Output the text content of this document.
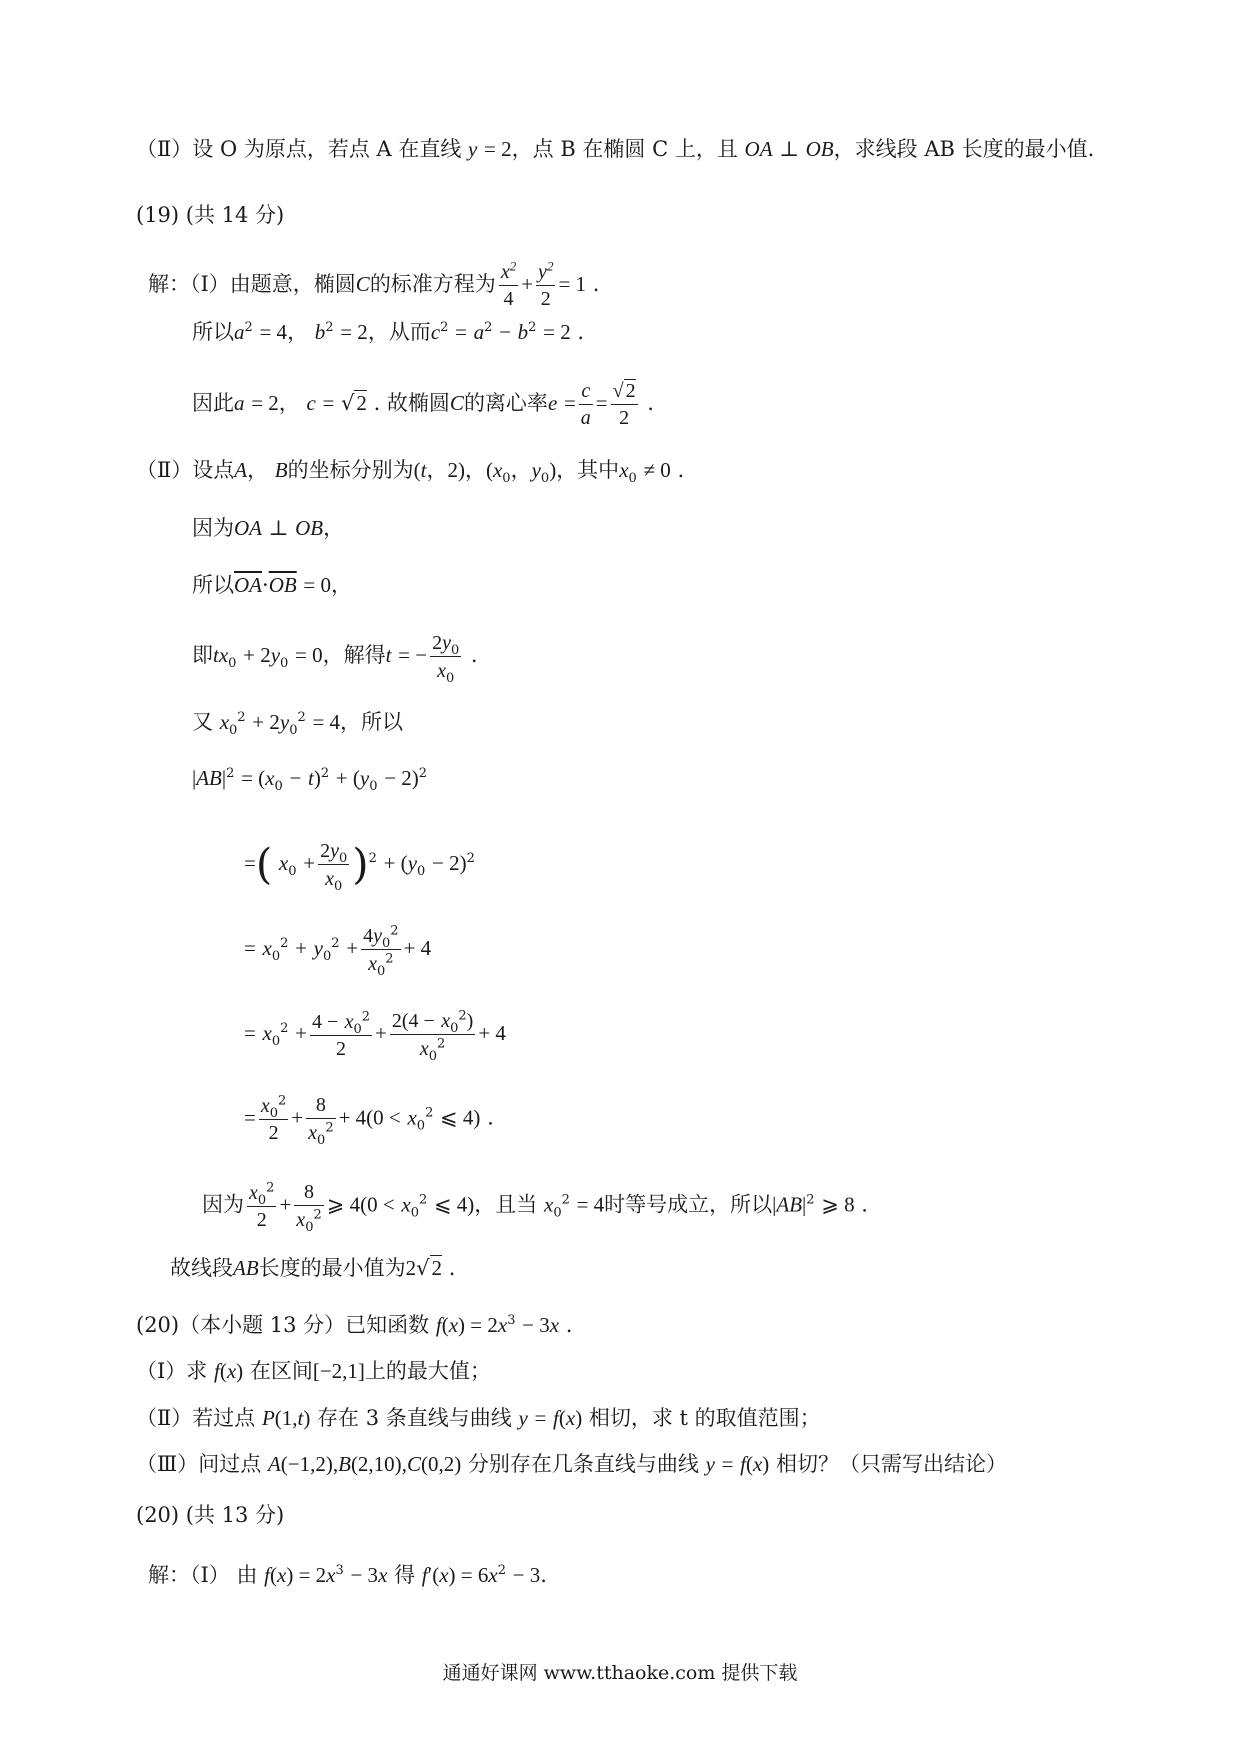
（Ⅱ）设 O 为原点，若点 A 在直线 y = 2，点 B 在椭圆 C 上，且 OA ⊥ OB，求线段 AB 长度的最小值.
(19) (共 14 分)
解：（Ⅰ）由题意，椭圆C的标准方程为 $\frac{x^2}{4} + \frac{y^2}{2} = 1$ .
所以$a^2 = 4$， $b^2 = 2$，从而$c^2 = a^2 - b^2 = 2$ .
因此a = 2， c = √2 . 故椭圆C的离心率$e = \frac{c}{a} = \frac{√ 2}{2}$ .
（Ⅱ）设点A， B的坐标分别为(t，2)，($x_0$，$y_0$)，其中$x_0 \ne 0$ .
因为OA ⊥ OB，
所以$\overline{OA}\cdot\overline{OB} = 0$，
即$tx_0 + 2y_0 = 0$，解得t = − $\frac{2y_0}{x_0}$ .
又 $x_0^2 + 2y_0^2 = 4$，所以
$|AB|^2 = (x_0 - t)^2 + (y_0 - 2)^2$
=( $x_0 + \frac{2y_0}{x_0} )^2 + (y_0 - 2)^2$
= $x_0^2 + y_0^2 + \frac{4y_0^2}{x_0^2} + 4$
= $x_0^2 + \frac{4 - x_0^2}{2} + \frac{2(4 - x_0^2)}{x_0^2} + 4$
= $\frac{x_0^2}{2} + \frac{8}{x_0^2} + 4(0 < x_0^2$ ⩽ 4) .
因为 $\frac{x_0^2}{2} + \frac{8}{x_0^2}$ ⩾ $4(0 < x_0^2$ ⩽ 4)，且当 $x_0^2 = 4$时等号成立，所以$|AB|^2$ ⩾ 8 .
故线段AB长度的最小值为2√2 .
(20)（本小题 13 分）已知函数 $f(x) = 2x^3 - 3x$ .
（Ⅰ）求 f(x) 在区间[−2,1]上的最大值；
（Ⅱ）若过点 P(1,t) 存在 3 条直线与曲线 y = f(x) 相切，求 t 的取值范围；
（Ⅲ）问过点 A(−1,2),B(2,10),C(0,2) 分别存在几条直线与曲线 y = f(x) 相切？（只需写出结论）
(20) (共 13 分)
解：（Ⅰ） 由 $f(x) = 2x^3 - 3x$ 得 $f'(x) = 6x^2 - 3$.
通通好课网 www.tthaoke.com 提供下载
